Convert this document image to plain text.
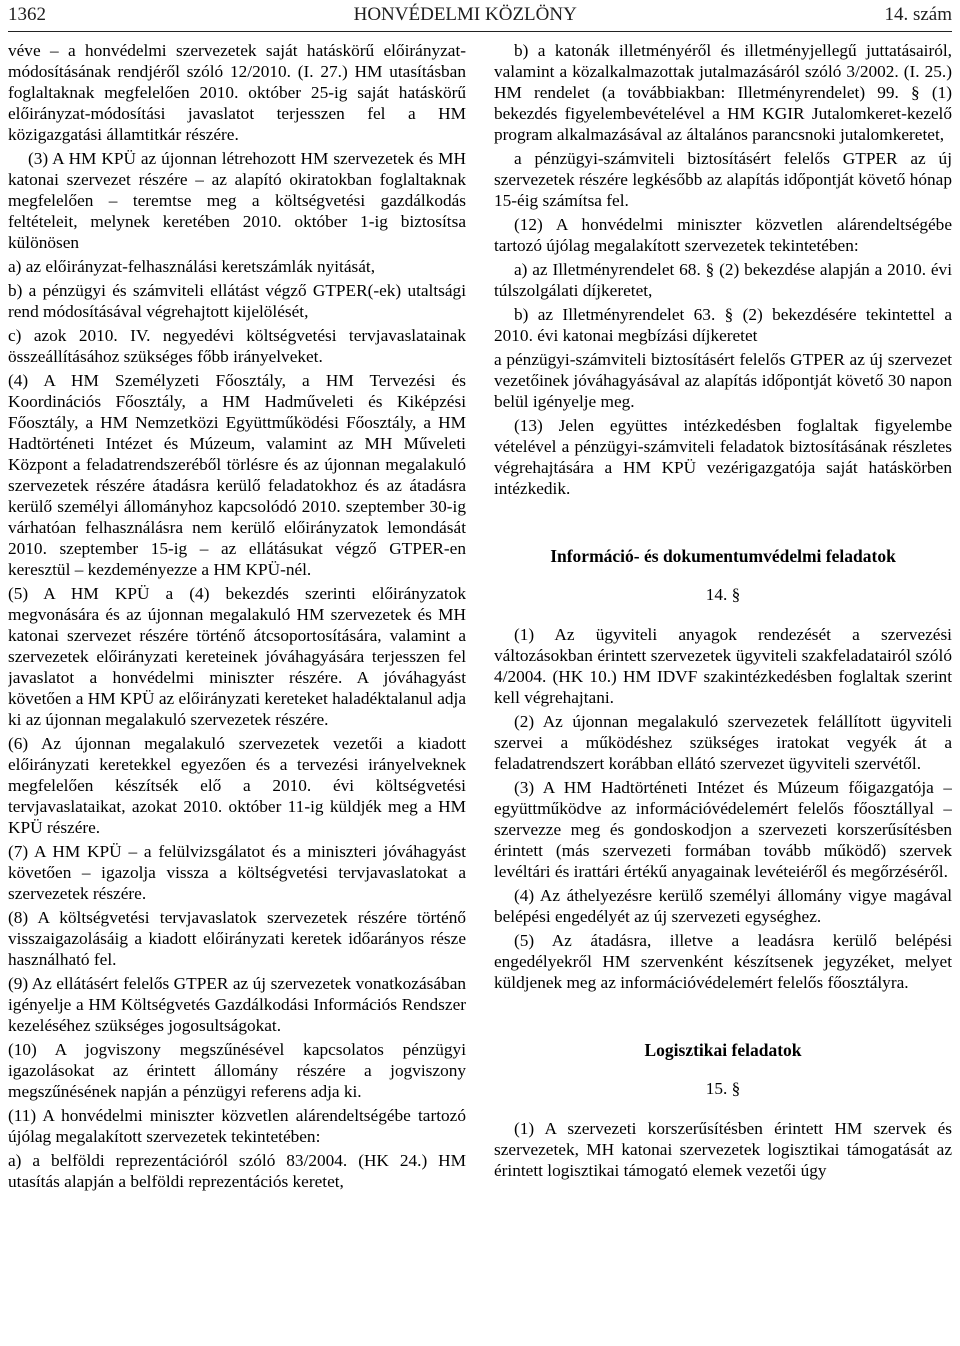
1362	HONVÉDELMI KÖZLÖNY	14. szám

véve – a honvédelmi szervezetek saját hatáskörű előirányzat-módosításának rendjéről szóló 12/2010. (I. 27.) HM utasításban foglaltaknak megfelelően 2010. október 25-ig saját hatáskörű előirányzat-módosítási javaslatot terjesszen fel a HM közigazgatási államtitkár részére.

(3) A HM KPÜ az újonnan létrehozott HM szervezetek és MH katonai szervezet részére – az alapító okiratokban foglaltaknak megfelelően – teremtse meg a költségvetési gazdálkodás feltételeit, melynek keretében 2010. október 1-ig biztosítsa különösen

a) az előirányzat-felhasználási keretszámlák nyitását,

b) a pénzügyi és számviteli ellátást végző GTPER(-ek) utaltsági rend módosításával végrehajtott kijelölését,

c) azok 2010. IV. negyedévi költségvetési tervjavaslatainak összeállításához szükséges főbb irányelveket.

(4) A HM Személyzeti Főosztály, a HM Tervezési és Koordinációs Főosztály, a HM Hadműveleti és Kiképzési Főosztály, a HM Nemzetközi Együttműködési Főosztály, a HM Hadtörténeti Intézet és Múzeum, valamint az MH Műveleti Központ a feladatrendszeréből törlésre és az újonnan megalakuló szervezetek részére átadásra kerülő feladatokhoz és az átadásra kerülő személyi állományhoz kapcsolódó 2010. szeptember 30-ig várhatóan felhasználásra nem kerülő előirányzatok lemondását 2010. szeptember 15-ig – az ellátásukat végző GTPER-en keresztül – kezdeményezze a HM KPÜ-nél.

(5) A HM KPÜ a (4) bekezdés szerinti előirányzatok megvonására és az újonnan megalakuló HM szervezetek és MH katonai szervezet részére történő átcsoportosítására, valamint a szervezetek előirányzati kereteinek jóváhagyására terjesszen fel javaslatot a honvédelmi miniszter részére. A jóváhagyást követően a HM KPÜ az előirányzati kereteket haladéktalanul adja ki az újonnan megalakuló szervezetek részére.

(6) Az újonnan megalakuló szervezetek vezetői a kiadott előirányzati keretekkel egyezően és a tervezési irányelveknek megfelelően készítsék elő a 2010. évi költségvetési tervjavaslataikat, azokat 2010. október 11-ig küldjék meg a HM KPÜ részére.

(7) A HM KPÜ – a felülvizsgálatot és a miniszteri jóváhagyást követően – igazolja vissza a költségvetési tervjavaslatokat a szervezetek részére.

(8) A költségvetési tervjavaslatok szervezetek részére történő visszaigazolásáig a kiadott előirányzati keretek időarányos része használható fel.

(9) Az ellátásért felelős GTPER az új szervezetek vonatkozásában igényelje a HM Költségvetés Gazdálkodási Információs Rendszer kezeléséhez szükséges jogosultságokat.

(10) A jogviszony megszűnésével kapcsolatos pénzügyi igazolásokat az érintett állomány részére a jogviszony megszűnésének napján a pénzügyi referens adja ki.

(11) A honvédelmi miniszter közvetlen alárendeltségébe tartozó újólag megalakított szervezetek tekintetében:

a) a belföldi reprezentációról szóló 83/2004. (HK 24.) HM utasítás alapján a belföldi reprezentációs keretet,

b) a katonák illetményéről és illetményjellegű juttatásairól, valamint a közalkalmazottak jutalmazásáról szóló 3/2002. (I. 25.) HM rendelet (a továbbiakban: Illetményrendelet) 99. § (1) bekezdés figyelembevételével a HM KGIR Jutalomkeret-kezelő program alkalmazásával az általános parancsnoki jutalomkeretet,

a pénzügyi-számviteli biztosításért felelős GTPER az új szervezetek részére legkésőbb az alapítás időpontját követő hónap 15-éig számítsa fel.

(12) A honvédelmi miniszter közvetlen alárendeltségébe tartozó újólag megalakított szervezetek tekintetében:

a) az Illetményrendelet 68. § (2) bekezdése alapján a 2010. évi túlszolgálati díjkeretet,

b) az Illetményrendelet 63. § (2) bekezdésére tekintettel a 2010. évi katonai megbízási díjkeretet

a pénzügyi-számviteli biztosításért felelős GTPER az új szervezet vezetőinek jóváhagyásával az alapítás időpontját követő 30 napon belül igényelje meg.

(13) Jelen együttes intézkedésben foglaltak figyelembe vételével a pénzügyi-számviteli feladatok biztosításának részletes végrehajtására a HM KPÜ vezérigazgatója saját hatáskörben intézkedik.

Információ- és dokumentumvédelmi feladatok

14. §

(1) Az ügyviteli anyagok rendezését a szervezési változásokban érintett szervezetek ügyviteli szakfeladatairól szóló 4/2004. (HK 10.) HM IDVF szakintézkedésben foglaltak szerint kell végrehajtani.

(2) Az újonnan megalakuló szervezetek felállított ügyviteli szervei a működéshez szükséges iratokat vegyék át a feladatrendszert korábban ellátó szervezet ügyviteli szervétől.

(3) A HM Hadtörténeti Intézet és Múzeum főigazgatója – együttműködve az információvédelemért felelős főosztállyal – szervezze meg és gondoskodjon a szervezeti korszerűsítésben érintett (más szervezeti formában tovább működő) szervek levéltári és irattári értékű anyagainak levéteiéről és megőrzéséről.

(4) Az áthelyezésre kerülő személyi állomány vigye magával belépési engedélyét az új szervezeti egységhez.

(5) Az átadásra, illetve a leadásra kerülő belépési engedélyekről HM szervenként készítsenek jegyzéket, melyet küldjenek meg az információvédelemért felelős főosztályra.

Logisztikai feladatok

15. §

(1) A szervezeti korszerűsítésben érintett HM szervek és szervezetek, MH katonai szervezetek logisztikai támogatását az érintett logisztikai támogató elemek vezetői úgy
